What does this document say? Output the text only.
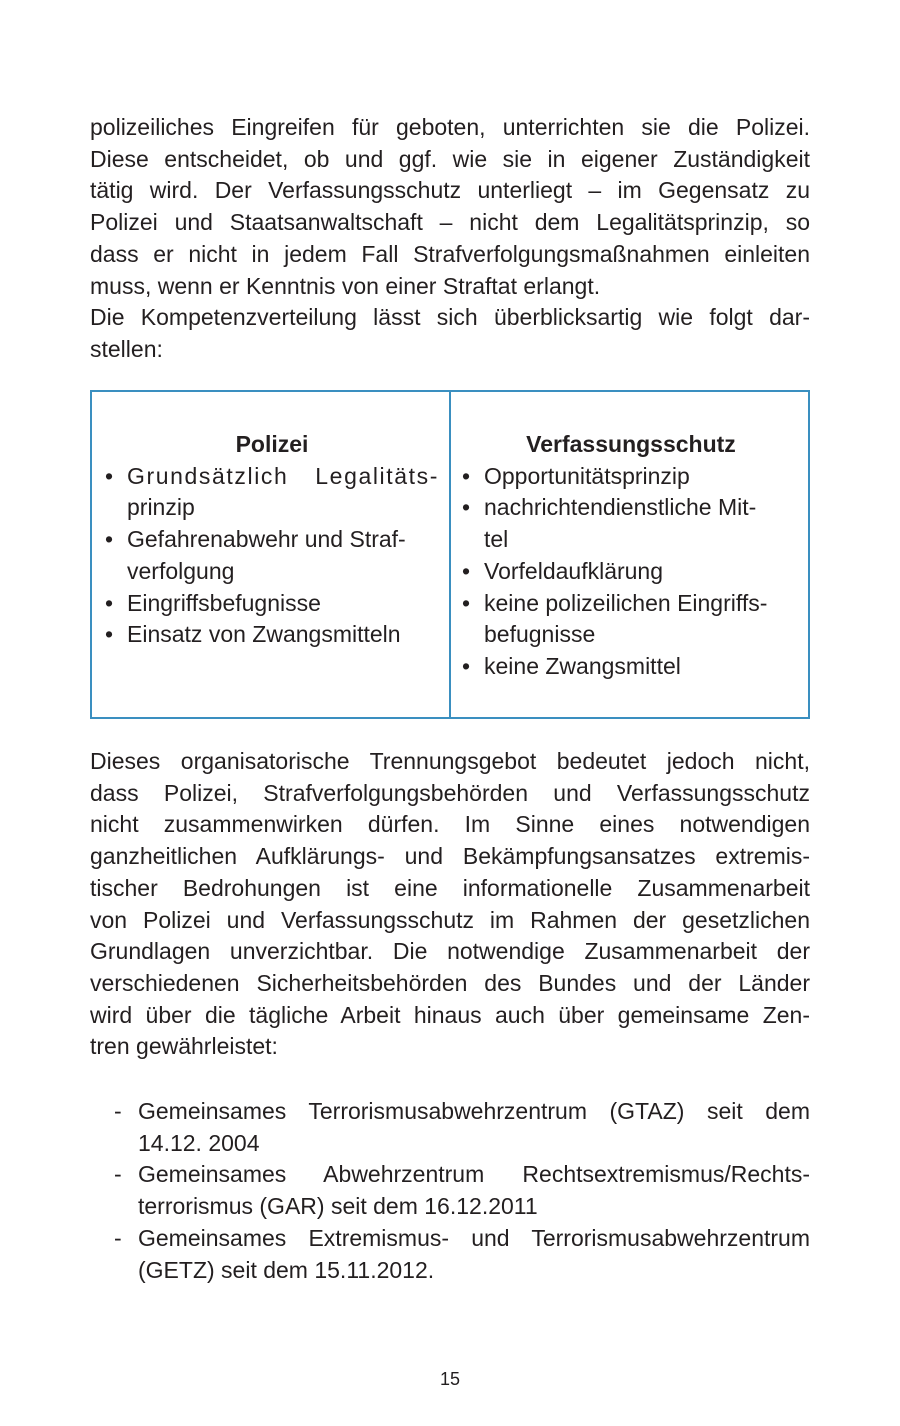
polizeiliches Eingreifen für geboten, unterrichten sie die Polizei.
Diese entscheidet, ob und ggf. wie sie in eigener Zuständigkeit
tätig wird. Der Verfassungsschutz unterliegt – im Gegensatz zu
Polizei und Staatsanwaltschaft – nicht dem Legalitätsprinzip, so
dass er nicht in jedem Fall Strafverfolgungsmaßnahmen einleiten
muss, wenn er Kenntnis von einer Straftat erlangt.

Die Kompetenzverteilung lässt sich überblicksartig wie folgt dar-
stellen:

Polizei

• Grundsätzlich Legalitäts-
prinzip
• Gefahrenabwehr und Straf-
verfolgung
• Eingriffsbefugnisse
• Einsatz von Zwangsmitteln

Verfassungsschutz

• Opportunitätsprinzip
• nachrichtendienstliche Mit-
tel
• Vorfeldaufklärung
• keine polizeilichen Eingriffs-
befugnisse
• keine Zwangsmittel

Dieses organisatorische Trennungsgebot bedeutet jedoch nicht,
dass Polizei, Strafverfolgungsbehörden und Verfassungsschutz
nicht zusammenwirken dürfen. Im Sinne eines notwendigen
ganzheitlichen Aufklärungs- und Bekämpfungsansatzes extremis-
tischer Bedrohungen ist eine informationelle Zusammenarbeit
von Polizei und Verfassungsschutz im Rahmen der gesetzlichen
Grundlagen unverzichtbar. Die notwendige Zusammenarbeit der
verschiedenen Sicherheitsbehörden des Bundes und der Länder
wird über die tägliche Arbeit hinaus auch über gemeinsame Zen-
tren gewährleistet:

- Gemeinsames Terrorismusabwehrzentrum (GTAZ) seit dem
14.12. 2004
- Gemeinsames Abwehrzentrum Rechtsextremismus/Rechts-
terrorismus (GAR) seit dem 16.12.2011
- Gemeinsames Extremismus- und Terrorismusabwehrzentrum
(GETZ) seit dem 15.11.2012.
15
